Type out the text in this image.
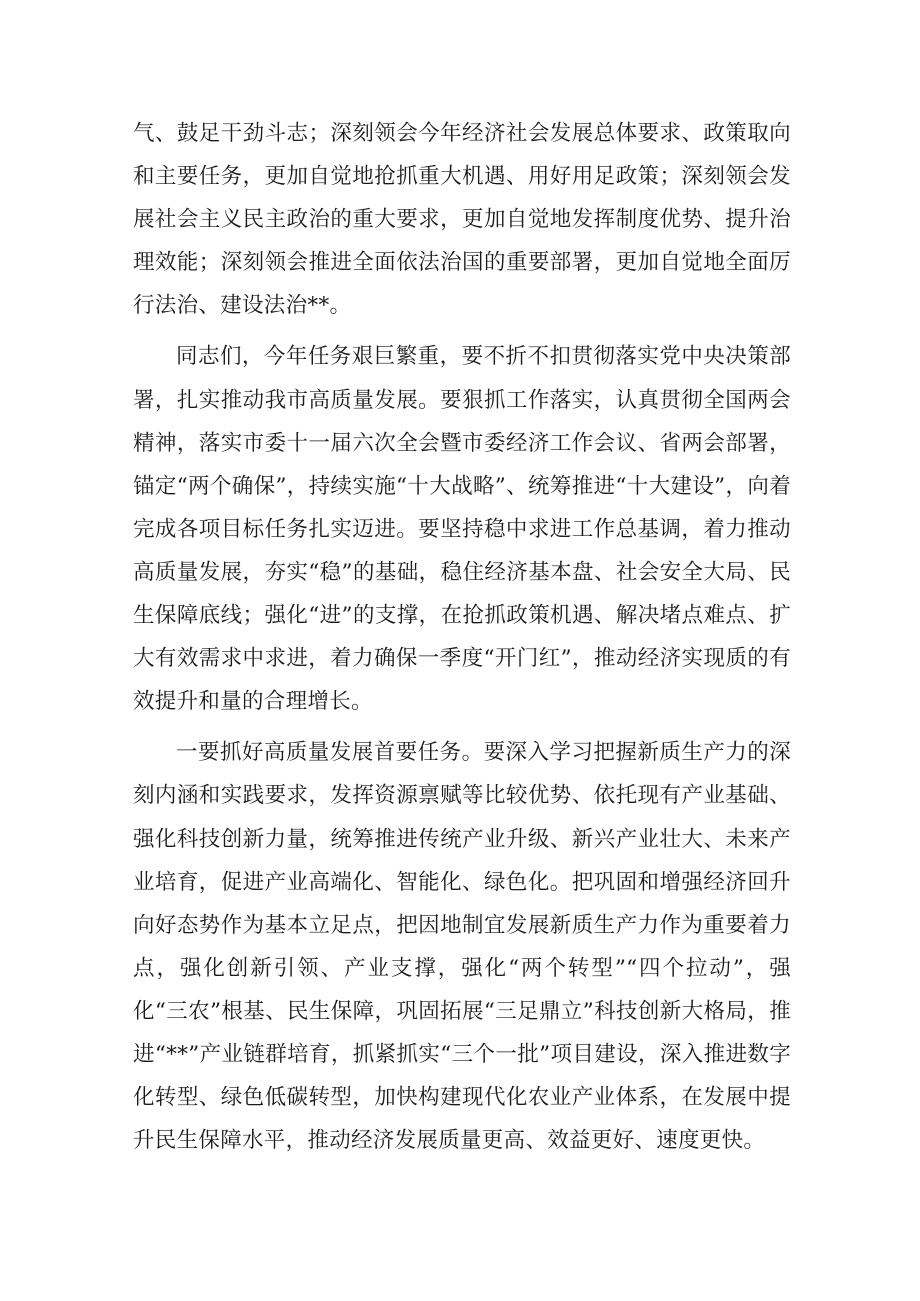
气、鼓足干劲斗志；深刻领会今年经济社会发展总体要求、政策取向和主要任务，更加自觉地抢抓重大机遇、用好用足政策；深刻领会发展社会主义民主政治的重大要求，更加自觉地发挥制度优势、提升治理效能；深刻领会推进全面依法治国的重要部署，更加自觉地全面厉行法治、建设法治**。

同志们，今年任务艰巨繁重，要不折不扣贯彻落实党中央决策部署，扎实推动我市高质量发展。要狠抓工作落实，认真贯彻全国两会精神，落实市委十一届六次全会暨市委经济工作会议、省两会部署，锚定“两个确保”，持续实施“十大战略”、统筹推进“十大建设”，向着完成各项目标任务扎实迈进。要坚持稳中求进工作总基调，着力推动高质量发展，夯实“稳”的基础，稳住经济基本盘、社会安全大局、民生保障底线；强化“进”的支撑，在抢抓政策机遇、解决堵点难点、扩大有效需求中求进，着力确保一季度“开门红”，推动经济实现质的有效提升和量的合理增长。

一要抓好高质量发展首要任务。要深入学习把握新质生产力的深刻内涵和实践要求，发挥资源禀赋等比较优势、依托现有产业基础、强化科技创新力量，统筹推进传统产业升级、新兴产业壮大、未来产业培育，促进产业高端化、智能化、绿色化。把巩固和增强经济回升向好态势作为基本立足点，把因地制宜发展新质生产力作为重要着力点，强化创新引领、产业支撑，强化“两个转型”“四个拉动”，强化“三农”根基、民生保障，巩固拓展“三足鼎立”科技创新大格局，推进“**”产业链群培育，抓紧抓实“三个一批”项目建设，深入推进数字化转型、绿色低碳转型，加快构建现代化农业产业体系，在发展中提升民生保障水平，推动经济发展质量更高、效益更好、速度更快。
